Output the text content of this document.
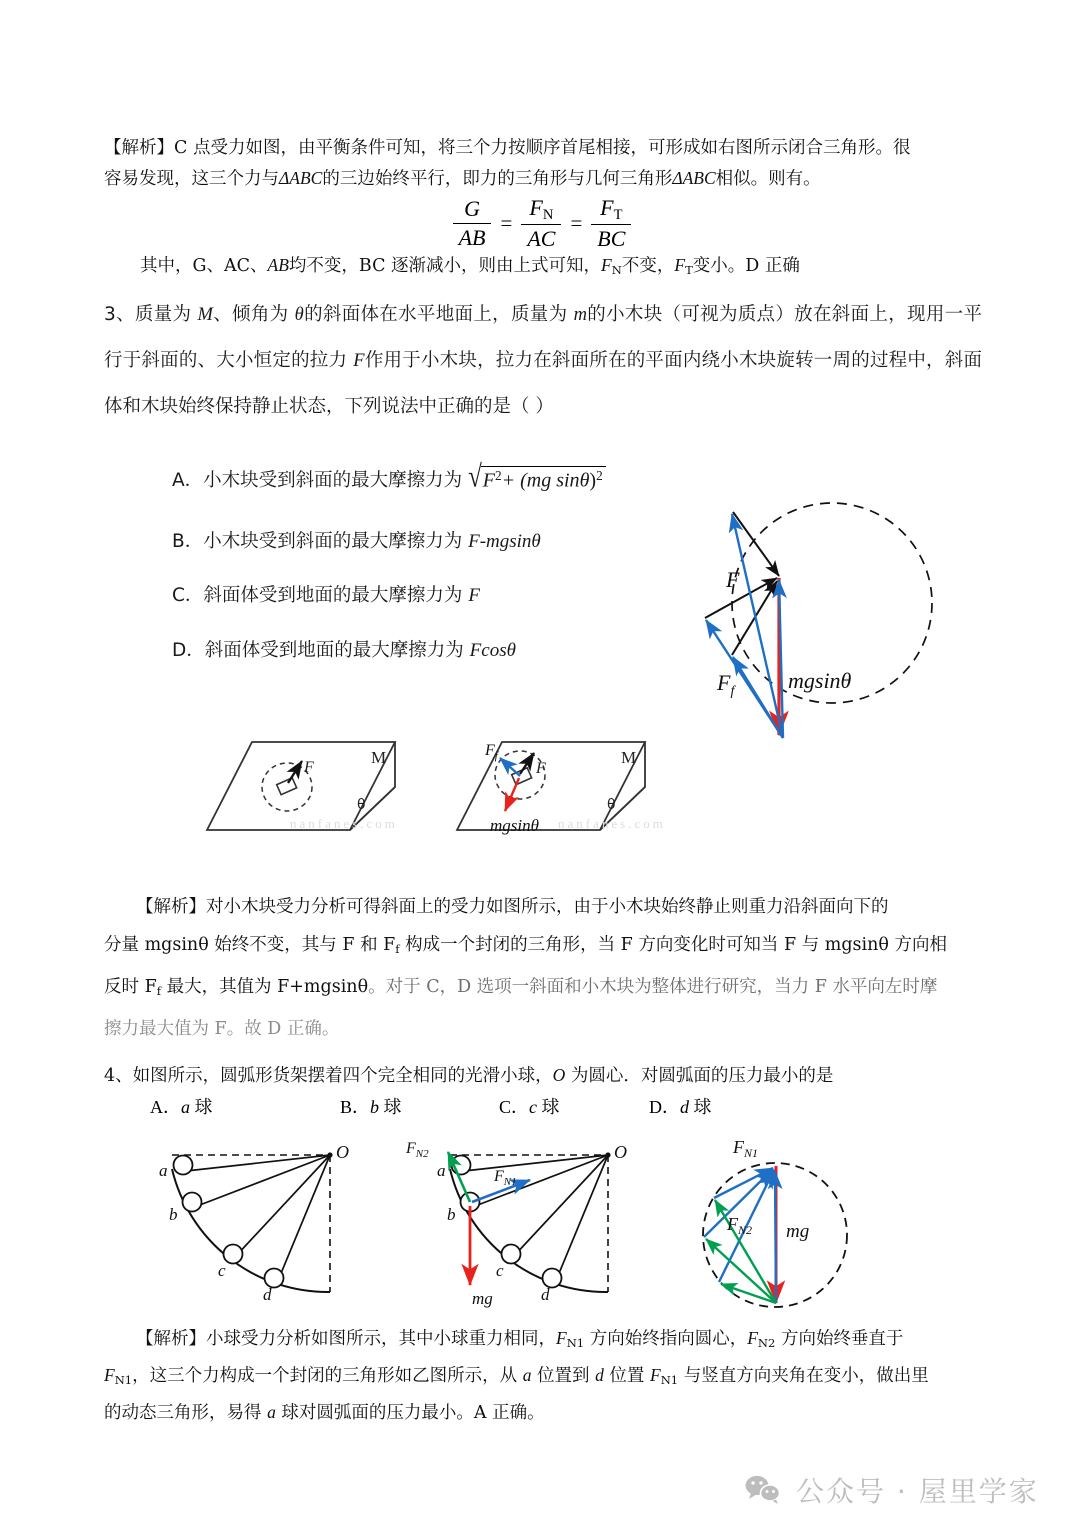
【解析】C 点受力如图，由平衡条件可知，将三个力按顺序首尾相接，可形成如右图所示闭合三角形。很
容易发现，这三个力与ΔABC的三边始终平行，即力的三角形与几何三角形ΔABC相似。则有。
$\frac{G}{AB} = \frac{F_N}{AC} = \frac{F_T}{BC}$
其中，G、AC、AB均不变，BC 逐渐减小，则由上式可知，$F_N$不变，$F_T$变小。D 正确
3、质量为 M、倾角为 θ的斜面体在水平地面上，质量为 m的小木块（可视为质点）放在斜面上，现用一平行于斜面的、大小恒定的拉力 F作用于小木块，拉力在斜面所在的平面内绕小木块旋转一周的过程中，斜面体和木块始终保持静止状态，下列说法中正确的是（ ）
A．小木块受到斜面的最大摩擦力为 √ $F^2+ (mg$ sinθ)$^2$
B．小木块受到斜面的最大摩擦力为 F-mgsinθ
C．斜面体受到地面的最大摩擦力为 F
D．斜面体受到地面的最大摩擦力为 Fcosθ
F
$F_f$ mgsinθ
M
θ
F
nanfanes.com
$F_f$
F
mgsinθ
M
θ
nanfanes.com
【解析】对小木块受力分析可得斜面上的受力如图所示，由于小木块始终静止则重力沿斜面向下的
分量 mgsinθ 始终不变，其与 F 和 $F_f$ 构成一个封闭的三角形，当 F 方向变化时可知当 F 与 mgsinθ 方向相
反时 $F_f$ 最大，其值为 F+mgsinθ。对于 C，D 选项一斜面和小木块为整体进行研究，当力 F 水平向左时摩
擦力最大值为 F。故 D 正确。
4、如图所示，圆弧形货架摆着四个完全相同的光滑小球，O 为圆心．对圆弧面的压力最小的是
A．a 球	B．b 球	C．c 球	D．d 球
a
b
c
d
O	$F_{N2}$
$F_{N1}$
mg
a
b
c
d
O	$F_{N1}$
$F_{N2}$ mg
【解析】小球受力分析如图所示，其中小球重力相同，$F_{N1}$ 方向始终指向圆心，$F_{N2}$ 方向始终垂直于
$F_{N1}$，这三个力构成一个封闭的三角形如乙图所示，从 a 位置到 d 位置 $F_{N1}$ 与竖直方向夹角在变小，做出里
的动态三角形，易得 a 球对圆弧面的压力最小。A 正确。
公众号 · 屋里学家
